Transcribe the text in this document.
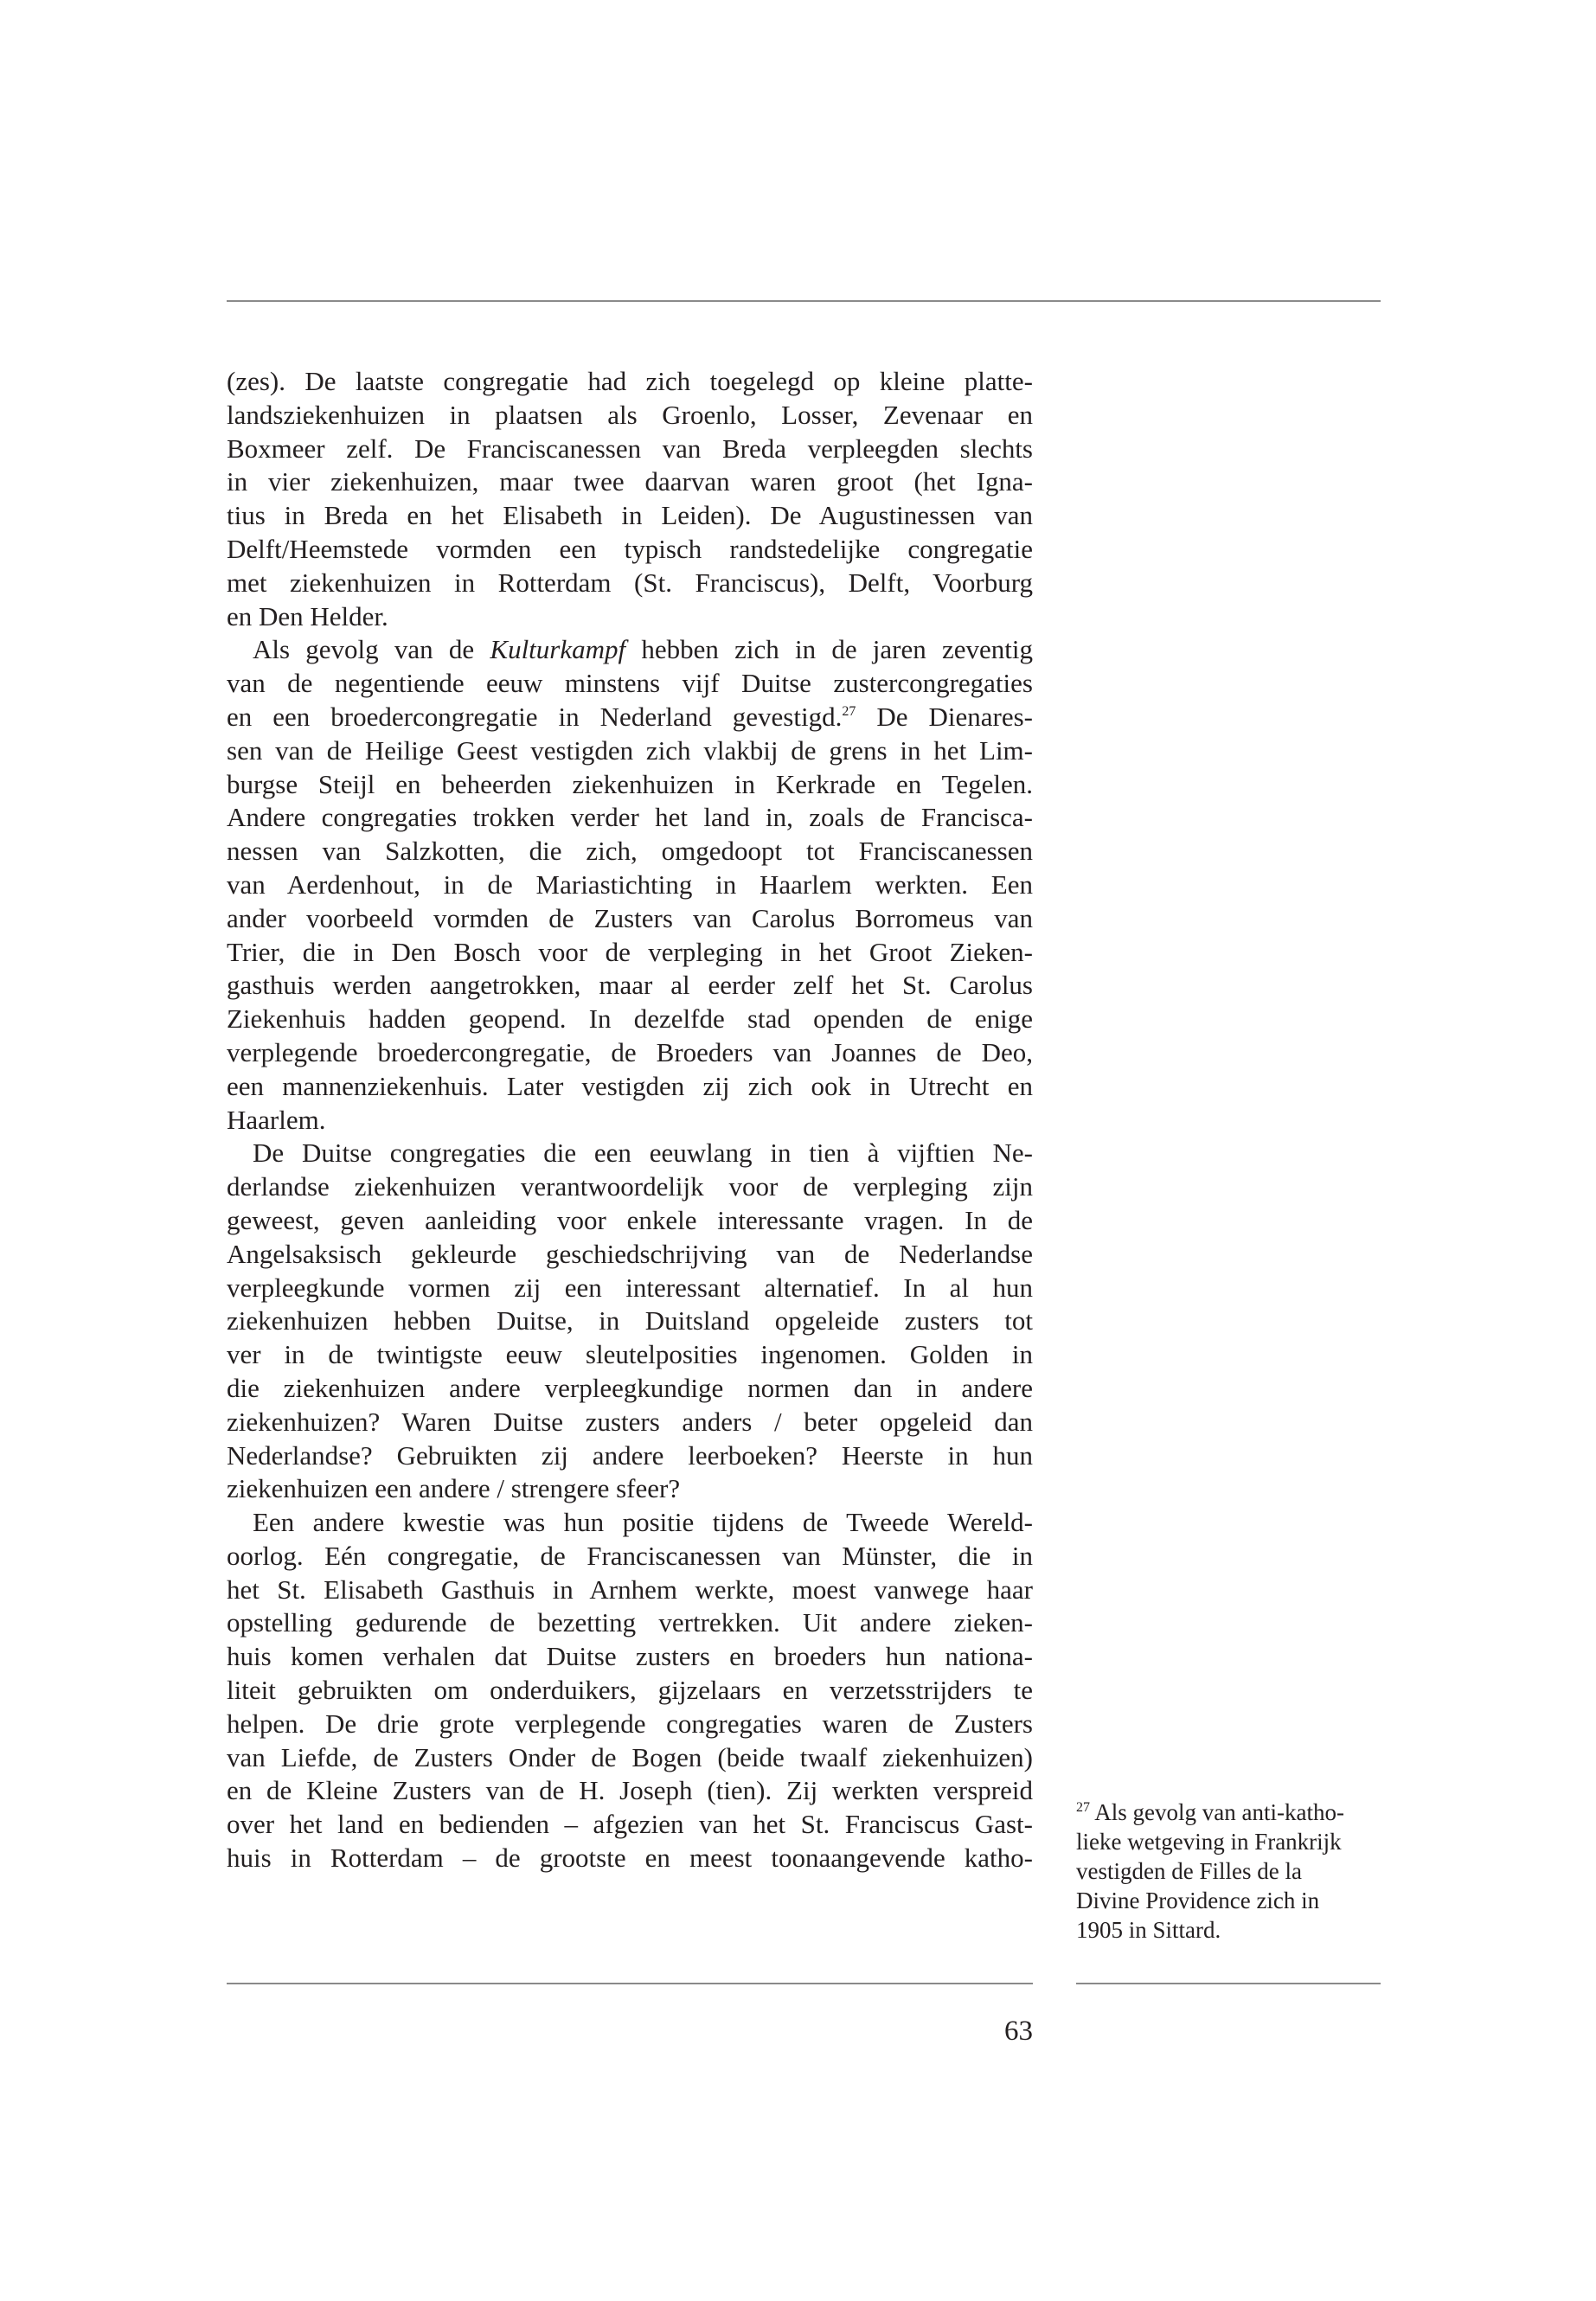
(zes). De laatste congregatie had zich toegelegd op kleine platte-
landsziekenhuizen in plaatsen als Groenlo, Losser, Zevenaar en
Boxmeer zelf. De Franciscanessen van Breda verpleegden slechts
in vier ziekenhuizen, maar twee daarvan waren groot (het Igna-
tius in Breda en het Elisabeth in Leiden). De Augustinessen van
Delft/Heemstede vormden een typisch randstedelijke congregatie
met ziekenhuizen in Rotterdam (St. Franciscus), Delft, Voorburg
en Den Helder.
Als gevolg van de Kulturkampf hebben zich in de jaren zeventig
van de negentiende eeuw minstens vijf Duitse zustercongregaties
en een broedercongregatie in Nederland gevestigd.$^{27}$ De Dienares-
sen van de Heilige Geest vestigden zich vlakbij de grens in het Lim-
burgse Steijl en beheerden ziekenhuizen in Kerkrade en Tegelen.
Andere congregaties trokken verder het land in, zoals de Francisca-
nessen van Salzkotten, die zich, omgedoopt tot Franciscanessen
van Aerdenhout, in de Mariastichting in Haarlem werkten. Een
ander voorbeeld vormden de Zusters van Carolus Borromeus van
Trier, die in Den Bosch voor de verpleging in het Groot Zieken-
gasthuis werden aangetrokken, maar al eerder zelf het St. Carolus
Ziekenhuis hadden geopend. In dezelfde stad openden de enige
verplegende broedercongregatie, de Broeders van Joannes de Deo,
een mannenziekenhuis. Later vestigden zij zich ook in Utrecht en
Haarlem.
De Duitse congregaties die een eeuwlang in tien à vijftien Ne-
derlandse ziekenhuizen verantwoordelijk voor de verpleging zijn
geweest, geven aanleiding voor enkele interessante vragen. In de
Angelsaksisch gekleurde geschiedschrijving van de Nederlandse
verpleegkunde vormen zij een interessant alternatief. In al hun
ziekenhuizen hebben Duitse, in Duitsland opgeleide zusters tot
ver in de twintigste eeuw sleutelposities ingenomen. Golden in
die ziekenhuizen andere verpleegkundige normen dan in andere
ziekenhuizen? Waren Duitse zusters anders / beter opgeleid dan
Nederlandse? Gebruikten zij andere leerboeken? Heerste in hun
ziekenhuizen een andere / strengere sfeer?
Een andere kwestie was hun positie tijdens de Tweede Wereld-
oorlog. Eén congregatie, de Franciscanessen van Münster, die in
het St. Elisabeth Gasthuis in Arnhem werkte, moest vanwege haar
opstelling gedurende de bezetting vertrekken. Uit andere zieken-
huis komen verhalen dat Duitse zusters en broeders hun nationa-
liteit gebruikten om onderduikers, gijzelaars en verzetsstrijders te
helpen. De drie grote verplegende congregaties waren de Zusters
van Liefde, de Zusters Onder de Bogen (beide twaalf ziekenhuizen)
en de Kleine Zusters van de H. Joseph (tien). Zij werkten verspreid
over het land en bedienden – afgezien van het St. Franciscus Gast-
huis in Rotterdam – de grootste en meest toonaangevende katho-
$^{27}$ Als gevolg van anti-katho-
lieke wetgeving in Frankrijk
vestigden de Filles de la
Divine Providence zich in
1905 in Sittard.
63
